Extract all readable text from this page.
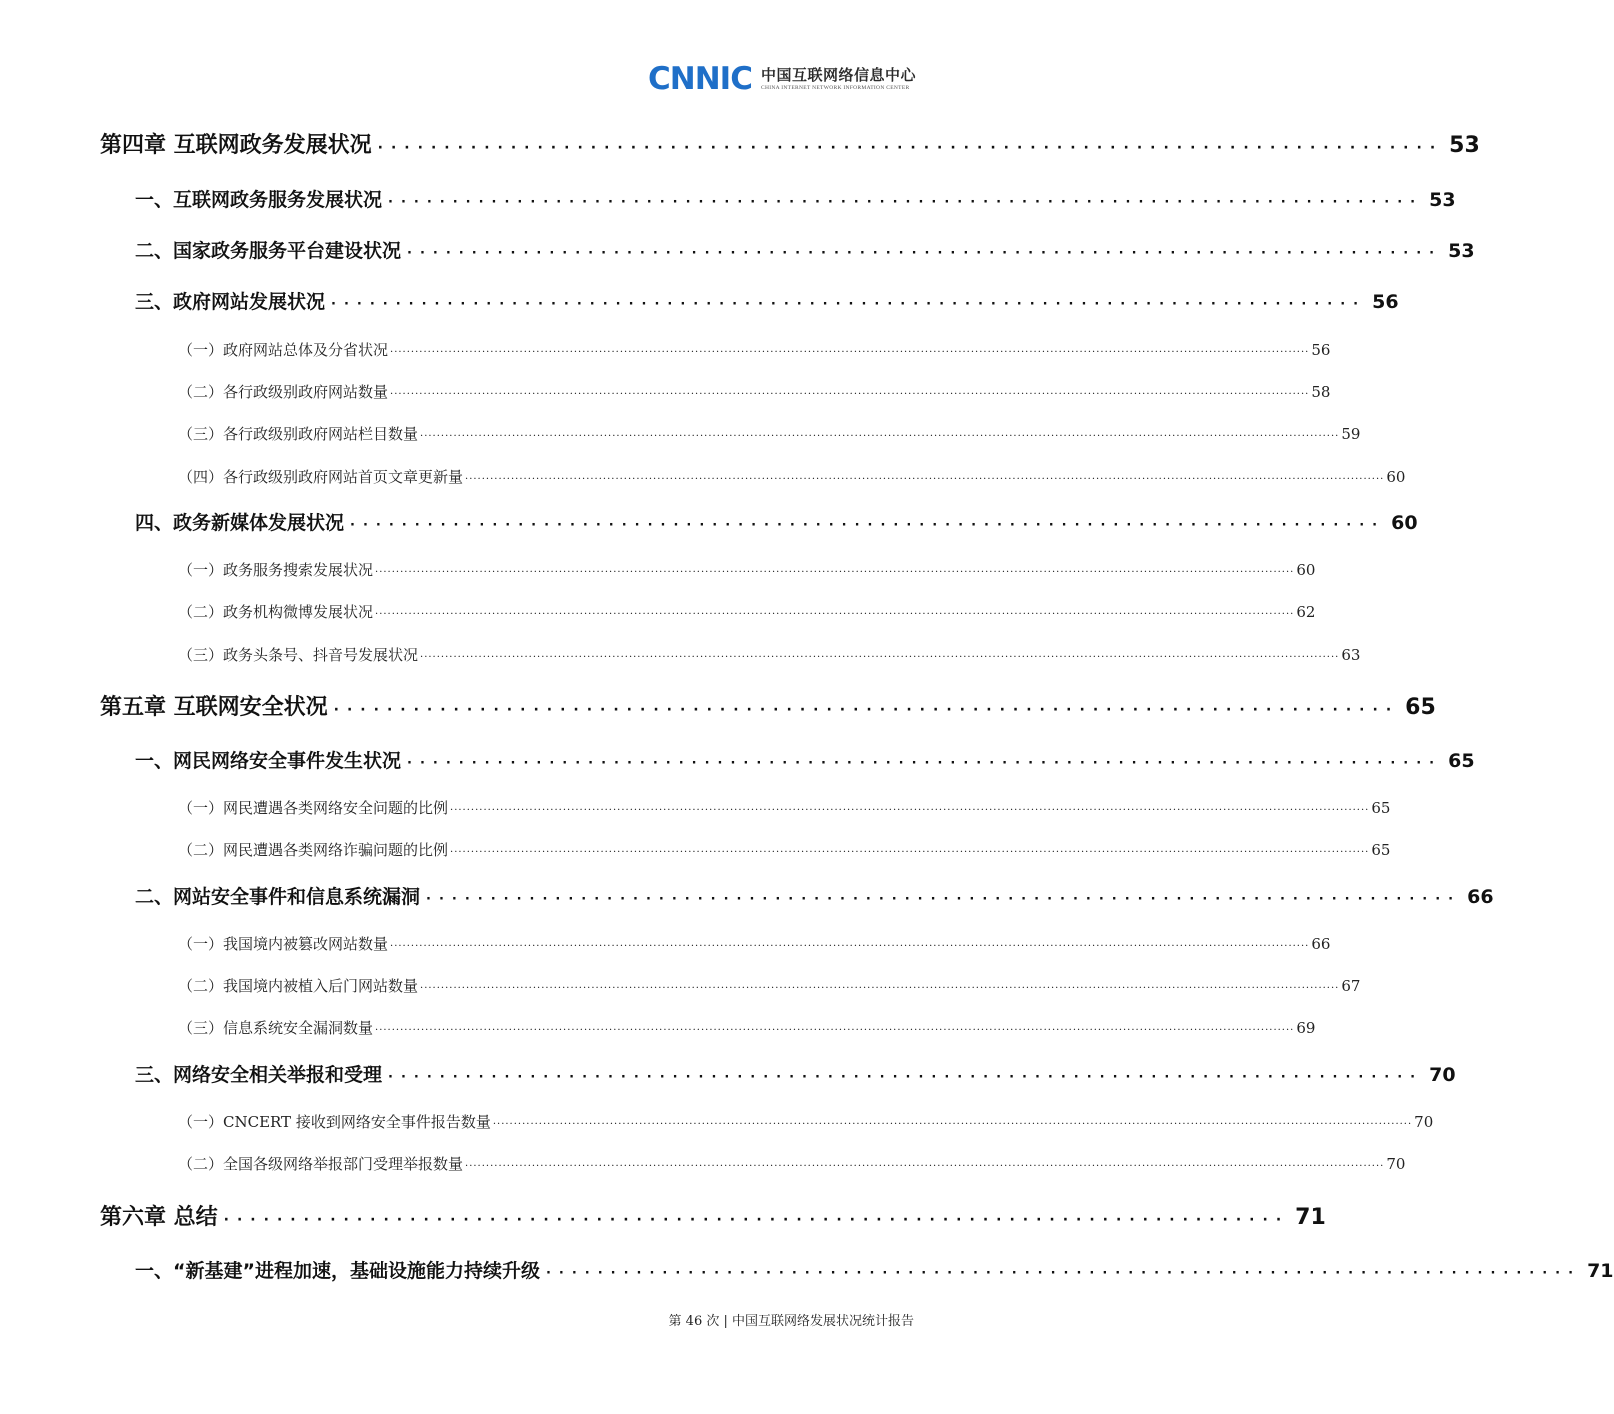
CNNIC 中国互联网络信息中心
CHINA INTERNET NETWORK INFORMATION CENTER
第四章 互联网政务发展状况 ················································································ 53
一、互联网政务服务发展状况 ················································································ 53
二、国家政务服务平台建设状况 ················································································ 53
三、政府网站发展状况 ················································································ 56
（一）政府网站总体及分省状况 ···························································································································································································································· 56
（二）各行政级别政府网站数量 ···························································································································································································································· 58
（三）各行政级别政府网站栏目数量 ···························································································································································································································· 59
（四）各行政级别政府网站首页文章更新量 ···························································································································································································································· 60
四、政务新媒体发展状况 ················································································ 60
（一）政务服务搜索发展状况 ···························································································································································································································· 60
（二）政务机构微博发展状况 ···························································································································································································································· 62
（三）政务头条号、抖音号发展状况 ···························································································································································································································· 63
第五章 互联网安全状况 ················································································ 65
一、网民网络安全事件发生状况 ················································································ 65
（一）网民遭遇各类网络安全问题的比例 ···························································································································································································································· 65
（二）网民遭遇各类网络诈骗问题的比例 ···························································································································································································································· 65
二、网站安全事件和信息系统漏洞 ················································································ 66
（一）我国境内被篡改网站数量 ···························································································································································································································· 66
（二）我国境内被植入后门网站数量 ···························································································································································································································· 67
（三）信息系统安全漏洞数量 ···························································································································································································································· 69
三、网络安全相关举报和受理 ················································································ 70
（一）CNCERT 接收到网络安全事件报告数量 ···························································································································································································································· 70
（二）全国各级网络举报部门受理举报数量 ···························································································································································································································· 70
第六章 总结 ················································································ 71
一、“新基建”进程加速，基础设施能力持续升级 ················································································ 71
第 46 次 | 中国互联网络发展状况统计报告
